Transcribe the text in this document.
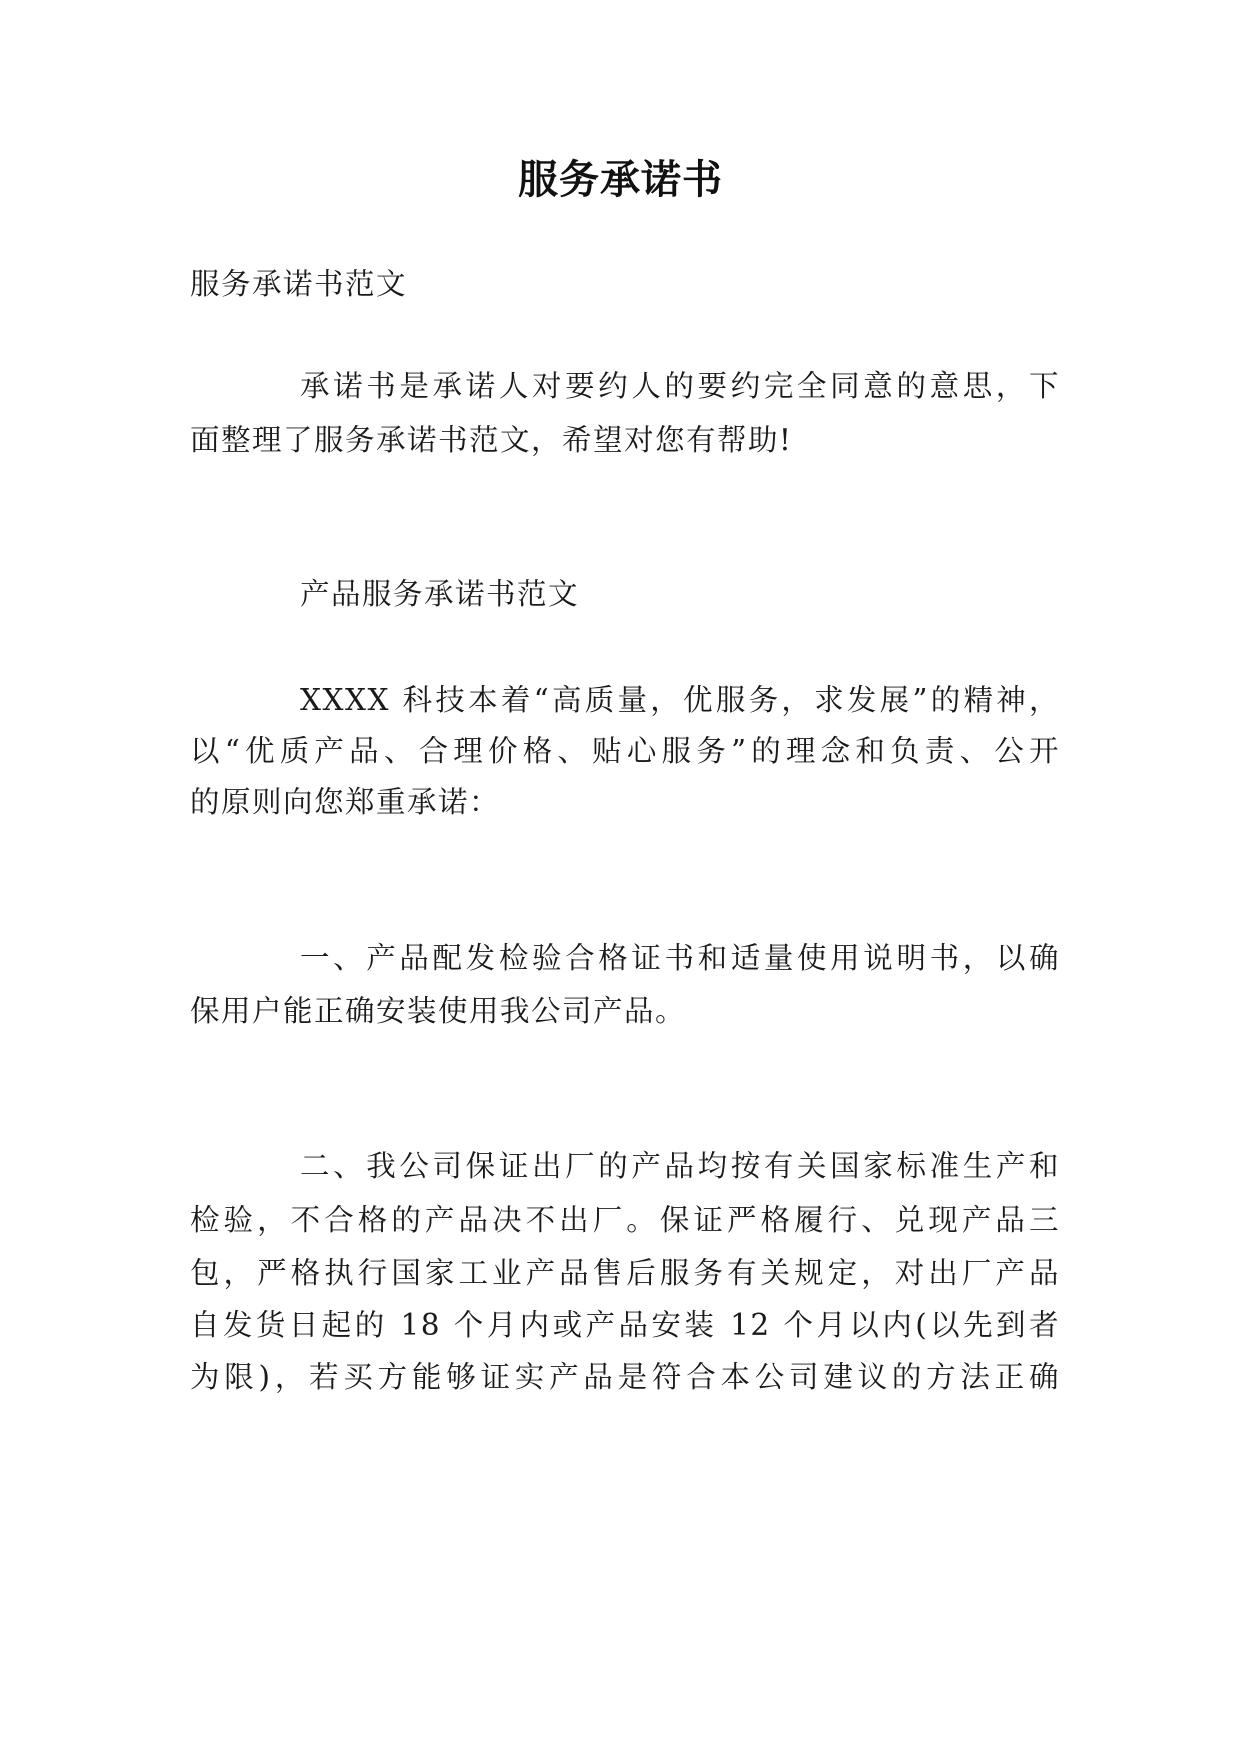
服务承诺书
服务承诺书范文
承诺书是承诺人对要约人的要约完全同意的意思，下
面整理了服务承诺书范文，希望对您有帮助!
产品服务承诺书范文
XXXX 科技本着“高质量，优服务，求发展”的精神，
以“优质产品、合理价格、贴心服务”的理念和负责、公开
的原则向您郑重承诺：
一、产品配发检验合格证书和适量使用说明书，以确
保用户能正确安装使用我公司产品。
二、我公司保证出厂的产品均按有关国家标准生产和
检验，不合格的产品决不出厂。保证严格履行、兑现产品三
包，严格执行国家工业产品售后服务有关规定，对出厂产品
自发货日起的 18 个月内或产品安装 12 个月以内(以先到者
为限)，若买方能够证实产品是符合本公司建议的方法正确
